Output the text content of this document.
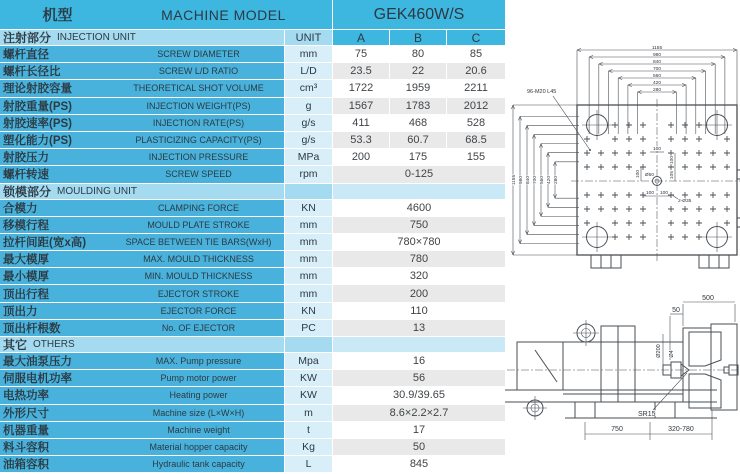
机型	MACHINE MODEL	GEK460W/S
注射部分 INJECTION UNIT	UNIT	A	B	C
螺杆直径	SCREW DIAMETER	mm	75	80	85
螺杆长径比	SCREW L/D RATIO	L/D	23.5	22	20.6
理论射胶容量	THEORETICAL SHOT VOLUME	cm³	1722	1959	2211
射胶重量(PS)	INJECTION WEIGHT(PS)	g	1567	1783	2012
射胶速率(PS)	INJECTION RATE(PS)	g/s	411	468	528
塑化能力(PS)	PLASTICIZING CAPACITY(PS)	g/s	53.3	60.7	68.5
射胶压力	INJECTION PRESSURE	MPa	200	175	155
螺杆转速	SCREW SPEED	rpm	0-125
锁模部分 MOULDING UNIT
合模力	CLAMPING FORCE	KN	4600
移模行程	MOULD PLATE STROKE	mm	750
拉杆间距(宽x高)	SPACE BETWEEN TIE BARS(WxH)	mm	780×780
最大模厚	MAX. MOULD THICKNESS	mm	780
最小模厚	MIN. MOULD THICKNESS	mm	320
顶出行程	EJECTOR STROKE	mm	200
顶出力	EJECTOR FORCE	KN	110
顶出杆根数	No. OF EJECTOR	PC	13
其它 OTHERS
最大油泵压力	MAX. Pump pressure	Mpa	16
伺服电机功率	Pump motor power	KW	56
电热功率	Heating power	KW	30.9/39.65
外形尺寸	Machine size (L×W×H)	m	8.6×2.2×2.7
机器重量	Machine weight	t	17
料斗容积	Material hopper capacity	Kg	50
油箱容积	Hydraulic tank capacity	L	845
1155
980
840
700
560
420
280
1155 980 840 700 560 420 280
Ø50
100
100
100
105
100 100
2-Ø35
96-M20 L45
500
50
Ø200 Ø4
SR15
750	320-780
